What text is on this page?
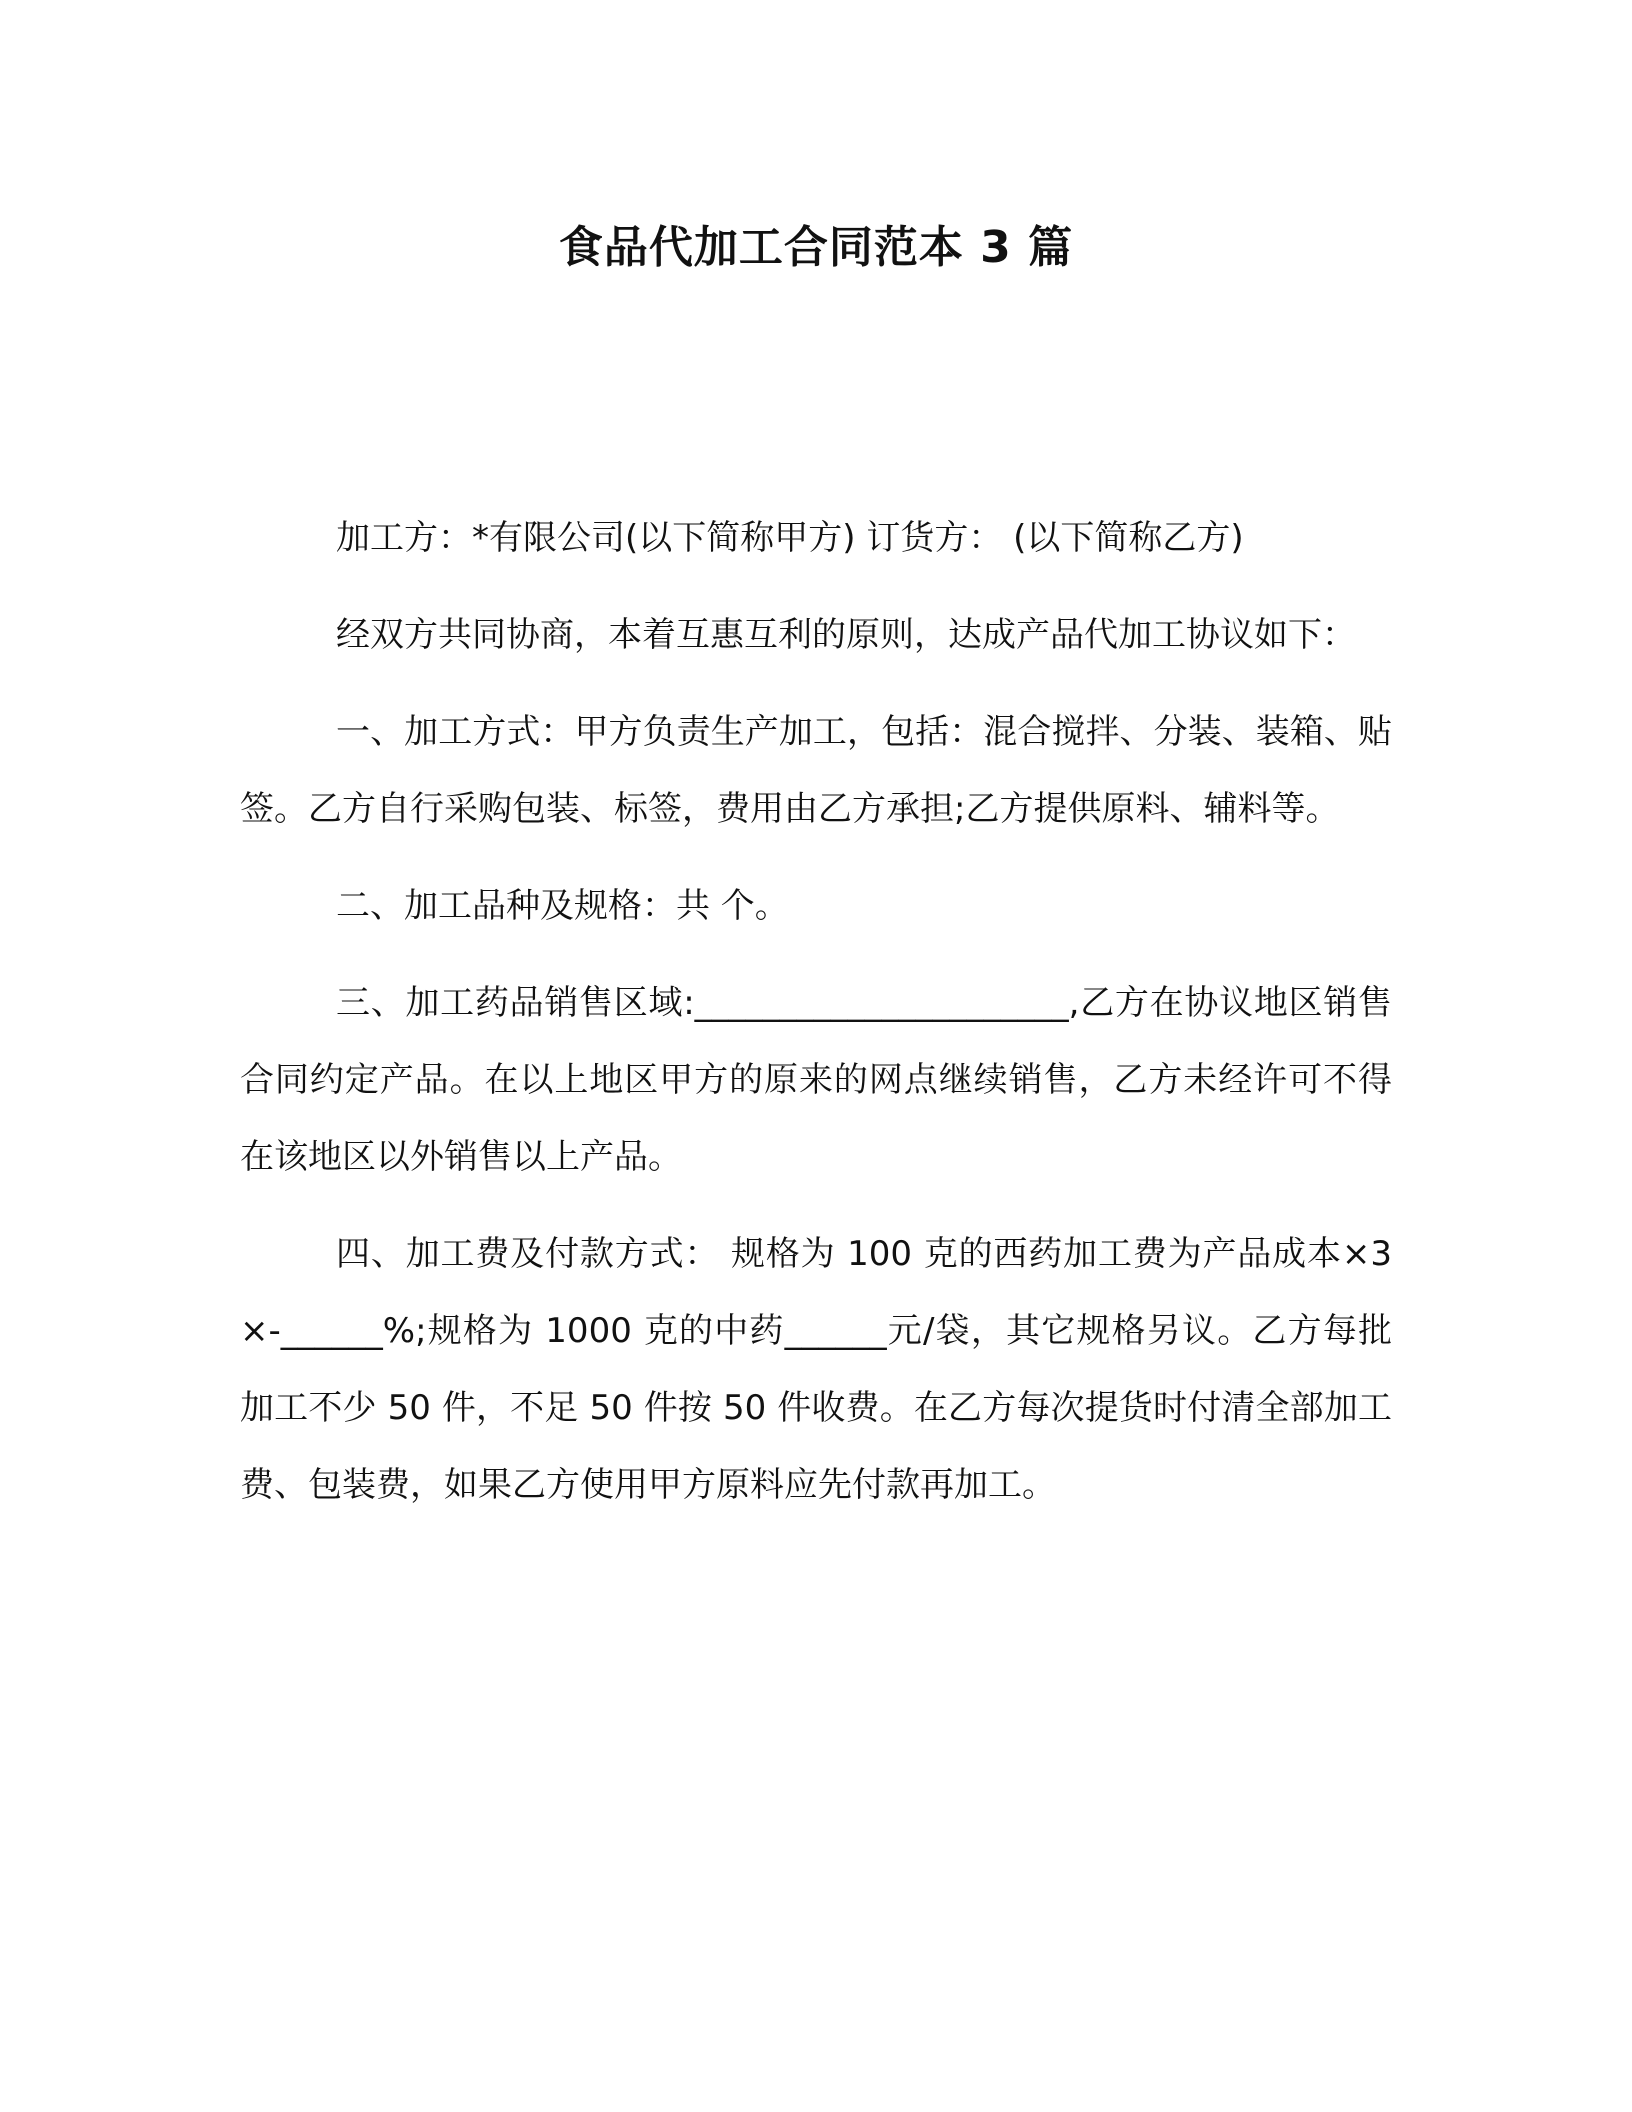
食品代加工合同范本 3 篇

加工方：*有限公司(以下简称甲方) 订货方： (以下简称乙方)

经双方共同协商，本着互惠互利的原则，达成产品代加工协议如下：

一、加工方式：甲方负责生产加工，包括：混合搅拌、分装、装箱、贴签。乙方自行采购包装、标签，费用由乙方承担;乙方提供原料、辅料等。

二、加工品种及规格：共 个。

三、加工药品销售区域:______________________,乙方在协议地区销售合同约定产品。在以上地区甲方的原来的网点继续销售，乙方未经许可不得在该地区以外销售以上产品。

四、加工费及付款方式： 规格为 100 克的西药加工费为产品成本×3×-______%;规格为 1000 克的中药______元/袋，其它规格另议。乙方每批加工不少 50 件，不足 50 件按 50 件收费。在乙方每次提货时付清全部加工费、包装费，如果乙方使用甲方原料应先付款再加工。
